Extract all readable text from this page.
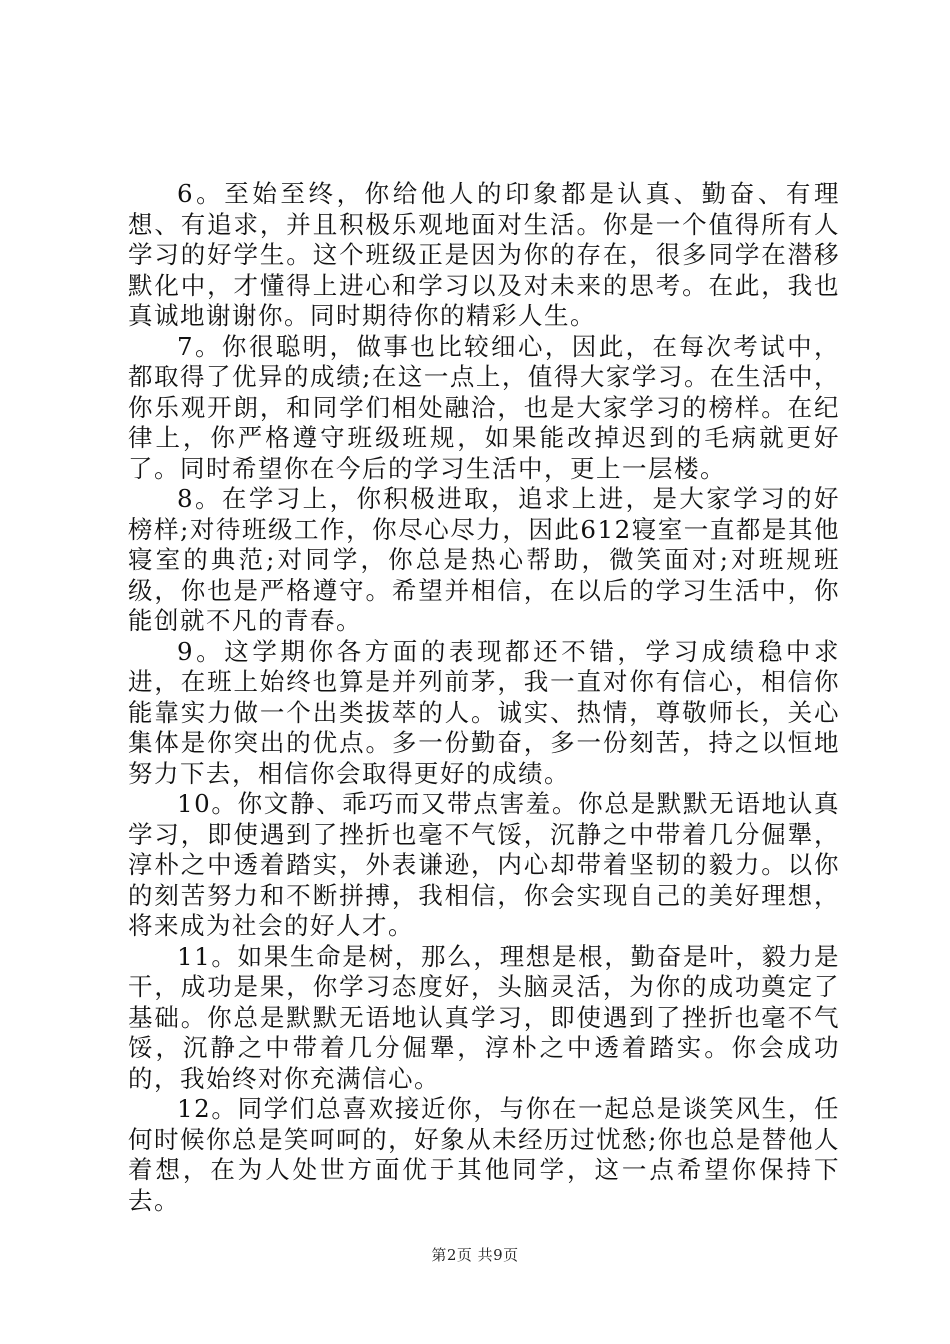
6。至始至终，你给他人的印象都是认真、勤奋、有理想、有追求，并且积极乐观地面对生活。你是一个值得所有人学习的好学生。这个班级正是因为你的存在，很多同学在潜移默化中，才懂得上进心和学习以及对未来的思考。在此，我也真诚地谢谢你。同时期待你的精彩人生。

7。你很聪明，做事也比较细心，因此，在每次考试中，都取得了优异的成绩;在这一点上，值得大家学习。在生活中，你乐观开朗，和同学们相处融洽，也是大家学习的榜样。在纪律上，你严格遵守班级班规，如果能改掉迟到的毛病就更好了。同时希望你在今后的学习生活中，更上一层楼。

8。在学习上，你积极进取，追求上进，是大家学习的好榜样;对待班级工作，你尽心尽力，因此612寝室一直都是其他寝室的典范;对同学，你总是热心帮助，微笑面对;对班规班级，你也是严格遵守。希望并相信，在以后的学习生活中，你能创就不凡的青春。

9。这学期你各方面的表现都还不错，学习成绩稳中求进，在班上始终也算是并列前茅，我一直对你有信心，相信你能靠实力做一个出类拔萃的人。诚实、热情，尊敬师长，关心集体是你突出的优点。多一份勤奋，多一份刻苦，持之以恒地努力下去，相信你会取得更好的成绩。

10。你文静、乖巧而又带点害羞。你总是默默无语地认真学习，即使遇到了挫折也毫不气馁，沉静之中带着几分倔犟，淳朴之中透着踏实，外表谦逊，内心却带着坚韧的毅力。以你的刻苦努力和不断拼搏，我相信，你会实现自己的美好理想，将来成为社会的好人才。

11。如果生命是树，那么，理想是根，勤奋是叶，毅力是干，成功是果，你学习态度好，头脑灵活，为你的成功奠定了基础。你总是默默无语地认真学习，即使遇到了挫折也毫不气馁，沉静之中带着几分倔犟，淳朴之中透着踏实。你会成功的，我始终对你充满信心。

12。同学们总喜欢接近你，与你在一起总是谈笑风生，任何时候你总是笑呵呵的，好象从未经历过忧愁;你也总是替他人着想，在为人处世方面优于其他同学，这一点希望你保持下去。

第2页 共9页
